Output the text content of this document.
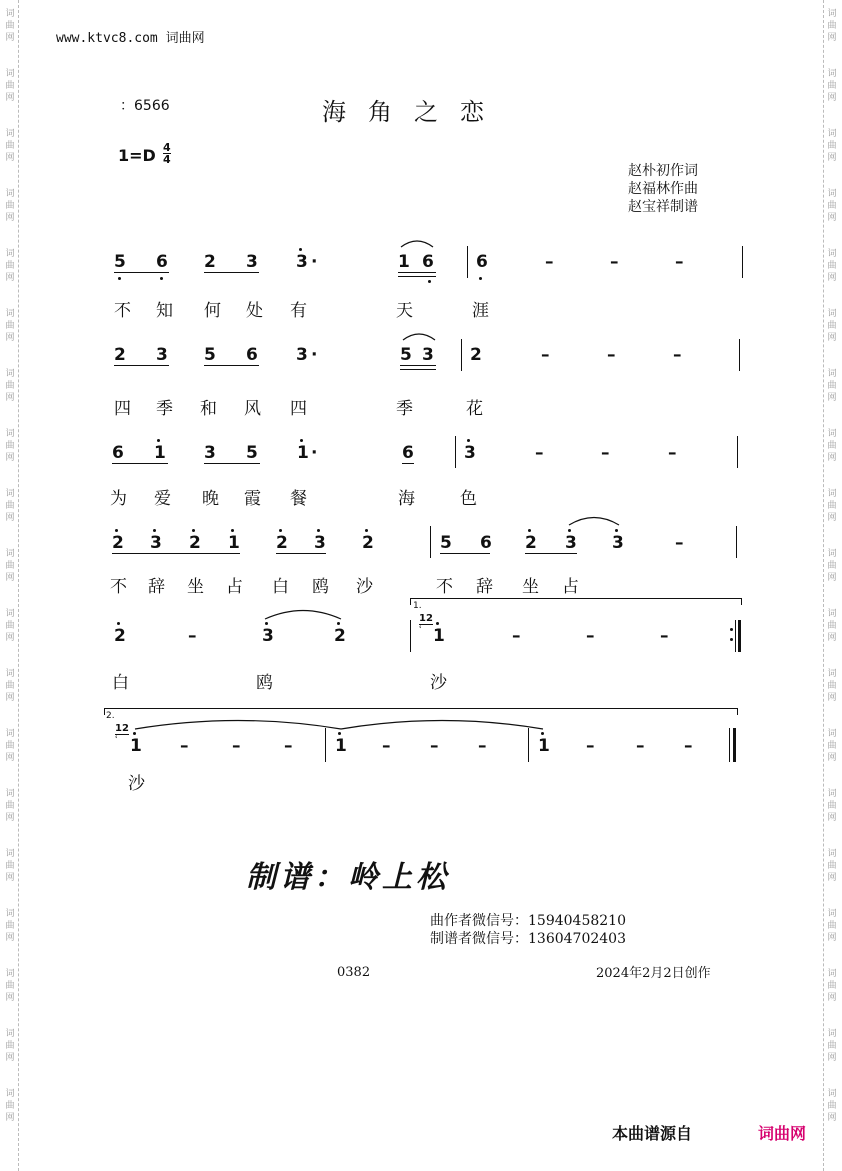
词
曲
网
词
曲
网
词
曲
网
词
曲
网
词
曲
网
词
曲
网
词
曲
网
词
曲
网
词
曲
网
词
曲
网
词
曲
网
词
曲
网
词
曲
网
词
曲
网
词
曲
网
词
曲
网
词
曲
网
词
曲
网
词
曲
网
词
曲
网
词
曲
网
词
曲
网
词
曲
网
词
曲
网
词
曲
网
词
曲
网
词
曲
网
词
曲
网
词
曲
网
词
曲
网
词
曲
网
词
曲
网
词
曲
网
词
曲
网
词
曲
网
词
曲
网
词
曲
网
词
曲
网
www.ktvc8.com 词曲网
：6566	海角之恋
$1=D \frac{4}{4}$
赵朴初作词
赵福林作曲
赵宝祥制谱
5 6 2 3 3 ·	1 6 6	–	–	–
不 知 何 处 有	天	涯
2 3 5 6 3 ·	5 3 2	–	–	–
四 季 和 风 四	季	花
6 1 3 5 1 ·	6	3	–	–	–
为 爱 晚 霞 餐	海	色
2 3 2 1 2 3 2	5 6 2 3 3	–
不 辞 坐 占 白 鸥 沙	不 辞 坐 占
1.
2	–	3	2
12
ʿ 1	–	–	–
白	鸥	沙
2.
12
ʿ 1 –	–	–	1 – – –	1 – – –
沙
制谱：岭上松
曲作者微信号：15940458210
制谱者微信号：13604702403
0382	2024年2月2日创作
本曲谱源自	词曲网
